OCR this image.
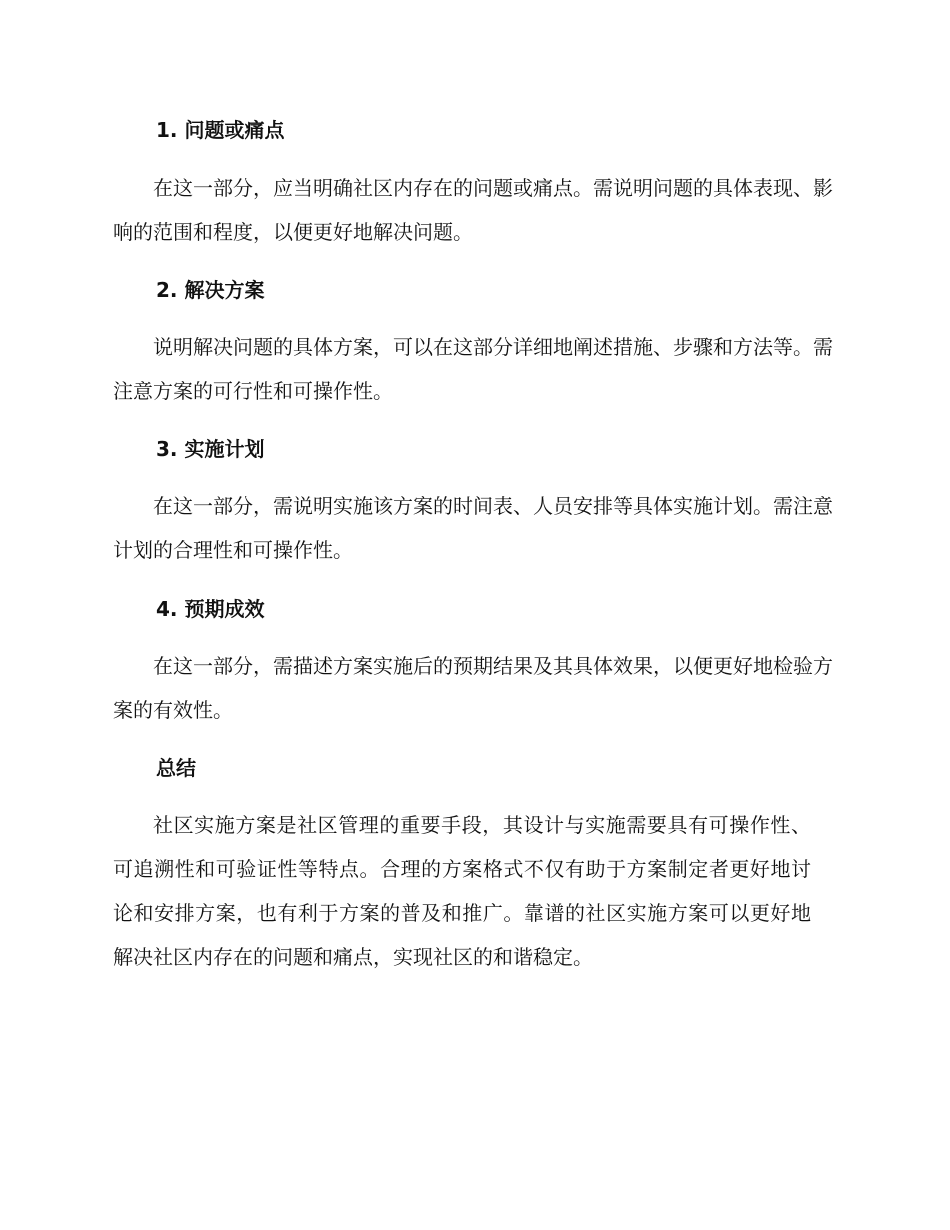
1. 问题或痛点

在这一部分，应当明确社区内存在的问题或痛点。需说明问题的具体表现、影响的范围和程度，以便更好地解决问题。

2. 解决方案

说明解决问题的具体方案，可以在这部分详细地阐述措施、步骤和方法等。需注意方案的可行性和可操作性。

3. 实施计划

在这一部分，需说明实施该方案的时间表、人员安排等具体实施计划。需注意计划的合理性和可操作性。

4. 预期成效

在这一部分，需描述方案实施后的预期结果及其具体效果，以便更好地检验方案的有效性。

总结

社区实施方案是社区管理的重要手段，其设计与实施需要具有可操作性、可追溯性和可验证性等特点。合理的方案格式不仅有助于方案制定者更好地讨论和安排方案，也有利于方案的普及和推广。靠谱的社区实施方案可以更好地解决社区内存在的问题和痛点，实现社区的和谐稳定。
